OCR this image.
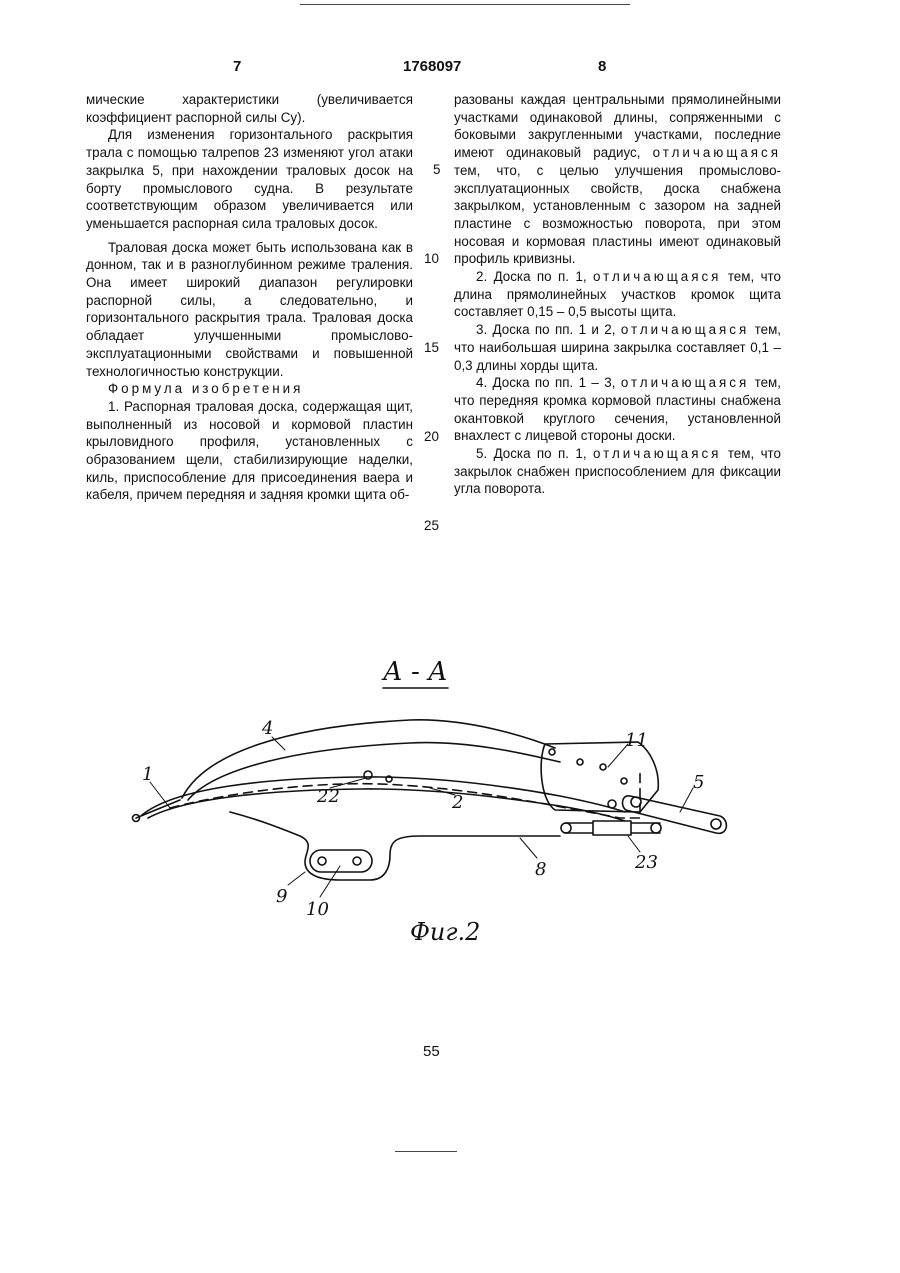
7	1768097	8

мические характеристики (увеличивается коэффициент распорной силы Су).

Для изменения горизонтального раскрытия трала с помощью талрепов 23 изменяют угол атаки закрылка 5, при нахождении траловых досок на борту промыслового судна. В результате соответствующим образом увеличивается или уменьшается распорная сила траловых досок.

Траловая доска может быть использована как в донном, так и в разноглубинном режиме траления. Она имеет широкий диапазон регулировки распорной силы, а следовательно, и горизонтального раскрытия трала. Траловая доска обладает улучшенными промыслово-эксплуатационными свойствами и повышенной технологичностью конструкции.

Формула изобретения

1. Распорная траловая доска, содержащая щит, выполненный из носовой и кормовой пластин крыловидного профиля, установленных с образованием щели, стабилизирующие наделки, киль, приспособление для присоединения ваера и кабеля, причем передняя и задняя кромки щита об-

5
10
15
20
25

разованы каждая центральными прямолинейными участками одинаковой длины, сопряженными с боковыми закругленными участками, последние имеют одинаковый радиус, отличающаяся тем, что, с целью улучшения промыслово-эксплуатационных свойств, доска снабжена закрылком, установленным с зазором на задней пластине с возможностью поворота, при этом носовая и кормовая пластины имеют одинаковый профиль кривизны.

2. Доска по п. 1, отличающаяся тем, что длина прямолинейных участков кромок щита составляет 0,15 – 0,5 высоты щита.

3. Доска по пп. 1 и 2, отличающаяся тем, что наибольшая ширина закрылка составляет 0,1 – 0,3 длины хорды щита.

4. Доска по пп. 1 – 3, отличающаяся тем, что передняя кромка кормовой пластины снабжена окантовкой круглого сечения, установленной внахлест с лицевой стороны доски.

5. Доска по п. 1, отличающаяся тем, что закрылок снабжен приспособлением для фиксации угла поворота.

А - А
1
4
22	2
11
5
8	23
9
10
Фиг.2
55
